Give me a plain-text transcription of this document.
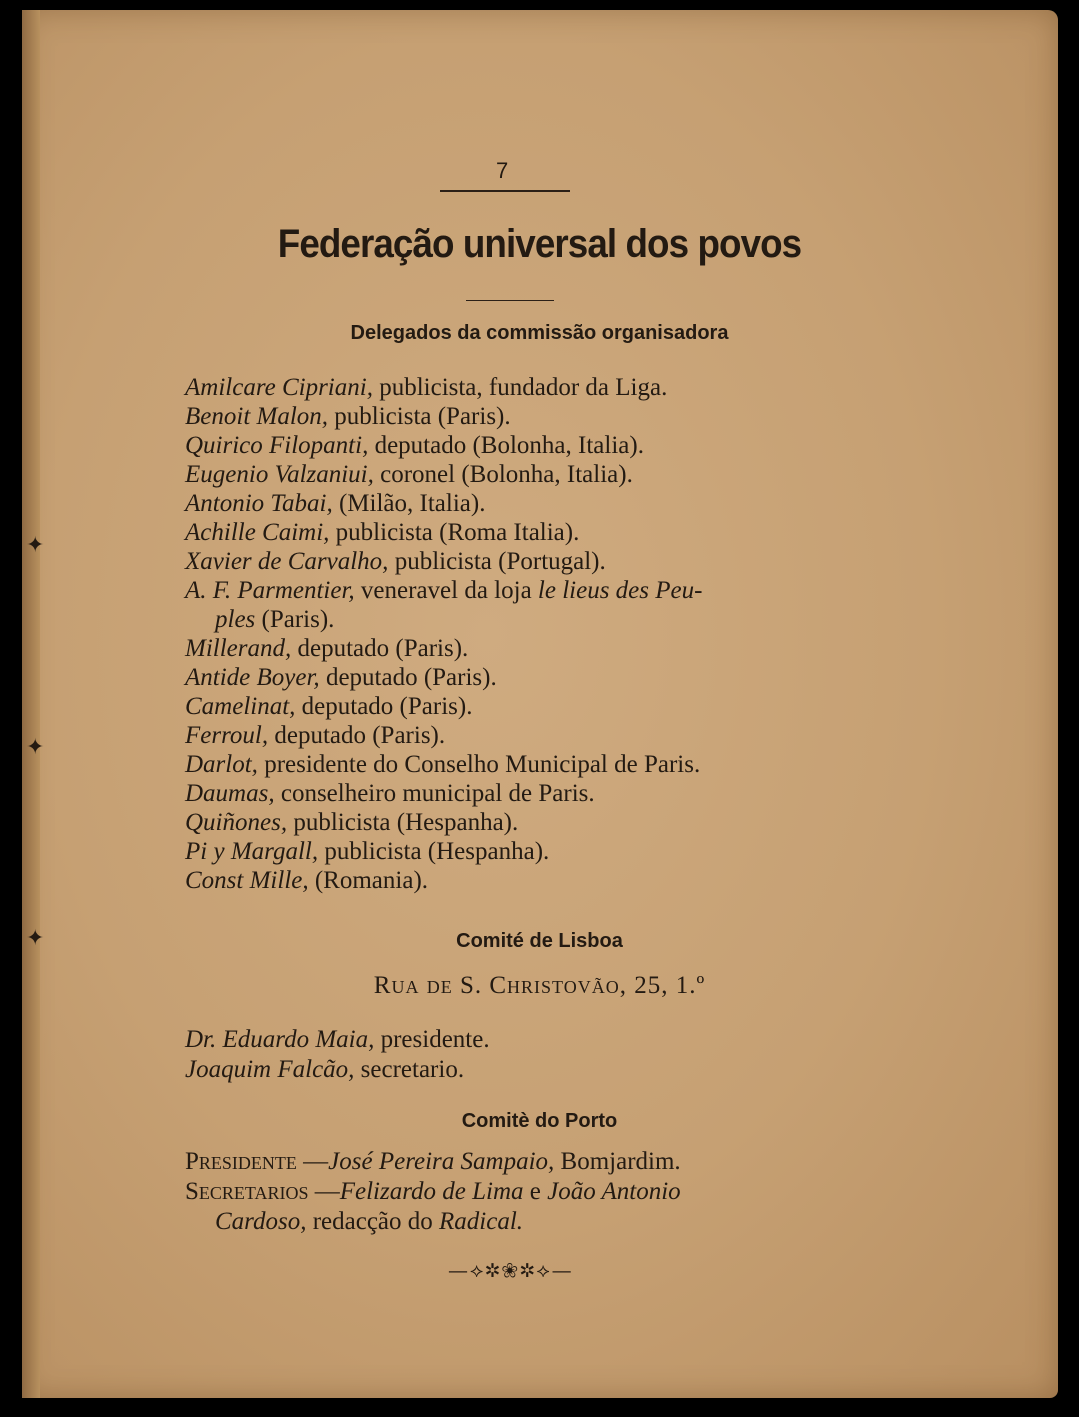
✦
✦
✦
7
Federação universal dos povos
Delegados da commissão organisadora
Amilcare Cipriani, publicista, fundador da Liga.
Benoit Malon, publicista (Paris).
Quirico Filopanti, deputado (Bolonha, Italia).
Eugenio Valzaniui, coronel (Bolonha, Italia).
Antonio Tabai, (Milão, Italia).
Achille Caimi, publicista (Roma Italia).
Xavier de Carvalho, publicista (Portugal).
A. F. Parmentier, veneravel da loja le lieus des Peu-
ples (Paris).
Millerand, deputado (Paris).
Antide Boyer, deputado (Paris).
Camelinat, deputado (Paris).
Ferroul, deputado (Paris).
Darlot, presidente do Conselho Municipal de Paris.
Daumas, conselheiro municipal de Paris.
Quiñones, publicista (Hespanha).
Pi y Margall, publicista (Hespanha).
Const Mille, (Romania).
Comité de Lisboa
Rua de S. Christovão, 25, 1.º
Dr. Eduardo Maia, presidente.
Joaquim Falcão, secretario.
Comitè do Porto
Presidente —José Pereira Sampaio, Bomjardim.
Secretarios —Felizardo de Lima e João Antonio
Cardoso, redacção do Radical.
—⟡✲❀✲⟡—
